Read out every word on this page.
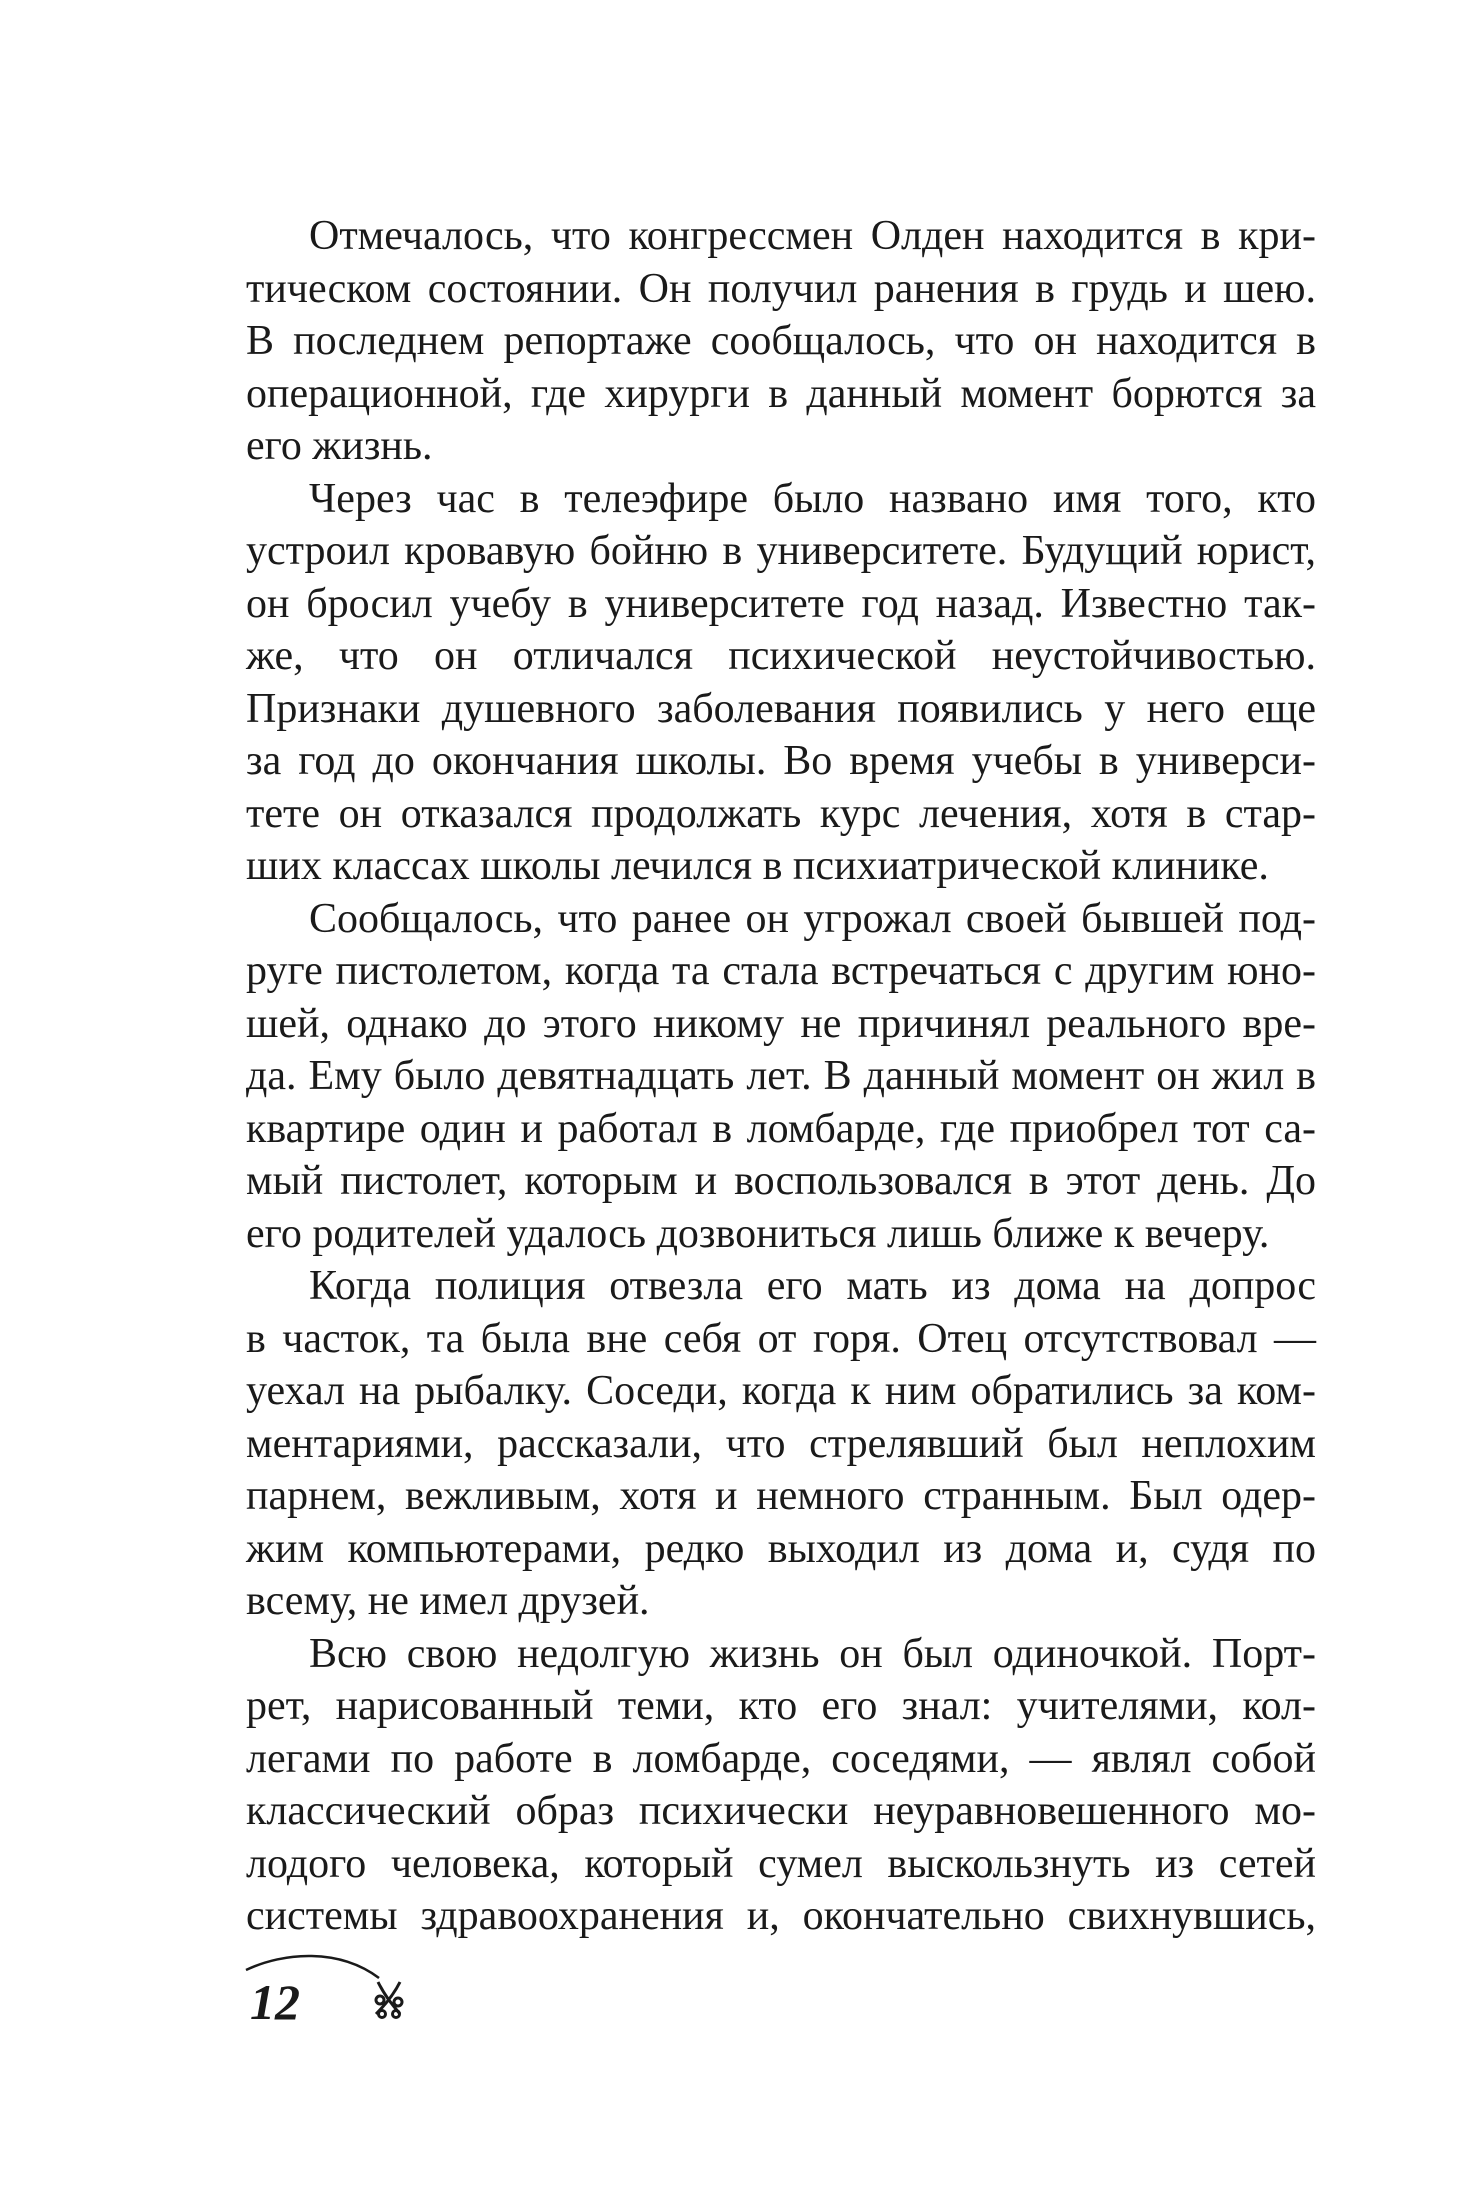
Отмечалось, что конгрессмен Олден находится в кри-
тическом состоянии. Он получил ранения в грудь и шею.
В последнем репортаже сообщалось, что он находится в
операционной, где хирурги в данный момент борются за
его жизнь.

Через час в телеэфире было названо имя того, кто
устроил кровавую бойню в университете. Будущий юрист,
он бросил учебу в университете год назад. Известно так-
же, что он отличался психической неустойчивостью.
Признаки душевного заболевания появились у него еще
за год до окончания школы. Во время учебы в универси-
тете он отказался продолжать курс лечения, хотя в стар-
ших классах школы лечился в психиатрической клинике.

Сообщалось, что ранее он угрожал своей бывшей под-
руге пистолетом, когда та стала встречаться с другим юно-
шей, однако до этого никому не причинял реального вре-
да. Ему было девятнадцать лет. В данный момент он жил в
квартире один и работал в ломбарде, где приобрел тот са-
мый пистолет, которым и воспользовался в этот день. До
его родителей удалось дозвониться лишь ближе к вечеру.

Когда полиция отвезла его мать из дома на допрос
в часток, та была вне себя от горя. Отец отсутствовал —
уехал на рыбалку. Соседи, когда к ним обратились за ком-
ментариями, рассказали, что стрелявший был неплохим
парнем, вежливым, хотя и немного странным. Был одер-
жим компьютерами, редко выходил из дома и, судя по
всему, не имел друзей.

Всю свою недолгую жизнь он был одиночкой. Порт-
рет, нарисованный теми, кто его знал: учителями, кол-
легами по работе в ломбарде, соседями, — являл собой
классический образ психически неуравновешенного мо-
лодого человека, который сумел выскользнуть из сетей
системы здравоохранения и, окончательно свихнувшись,

12
